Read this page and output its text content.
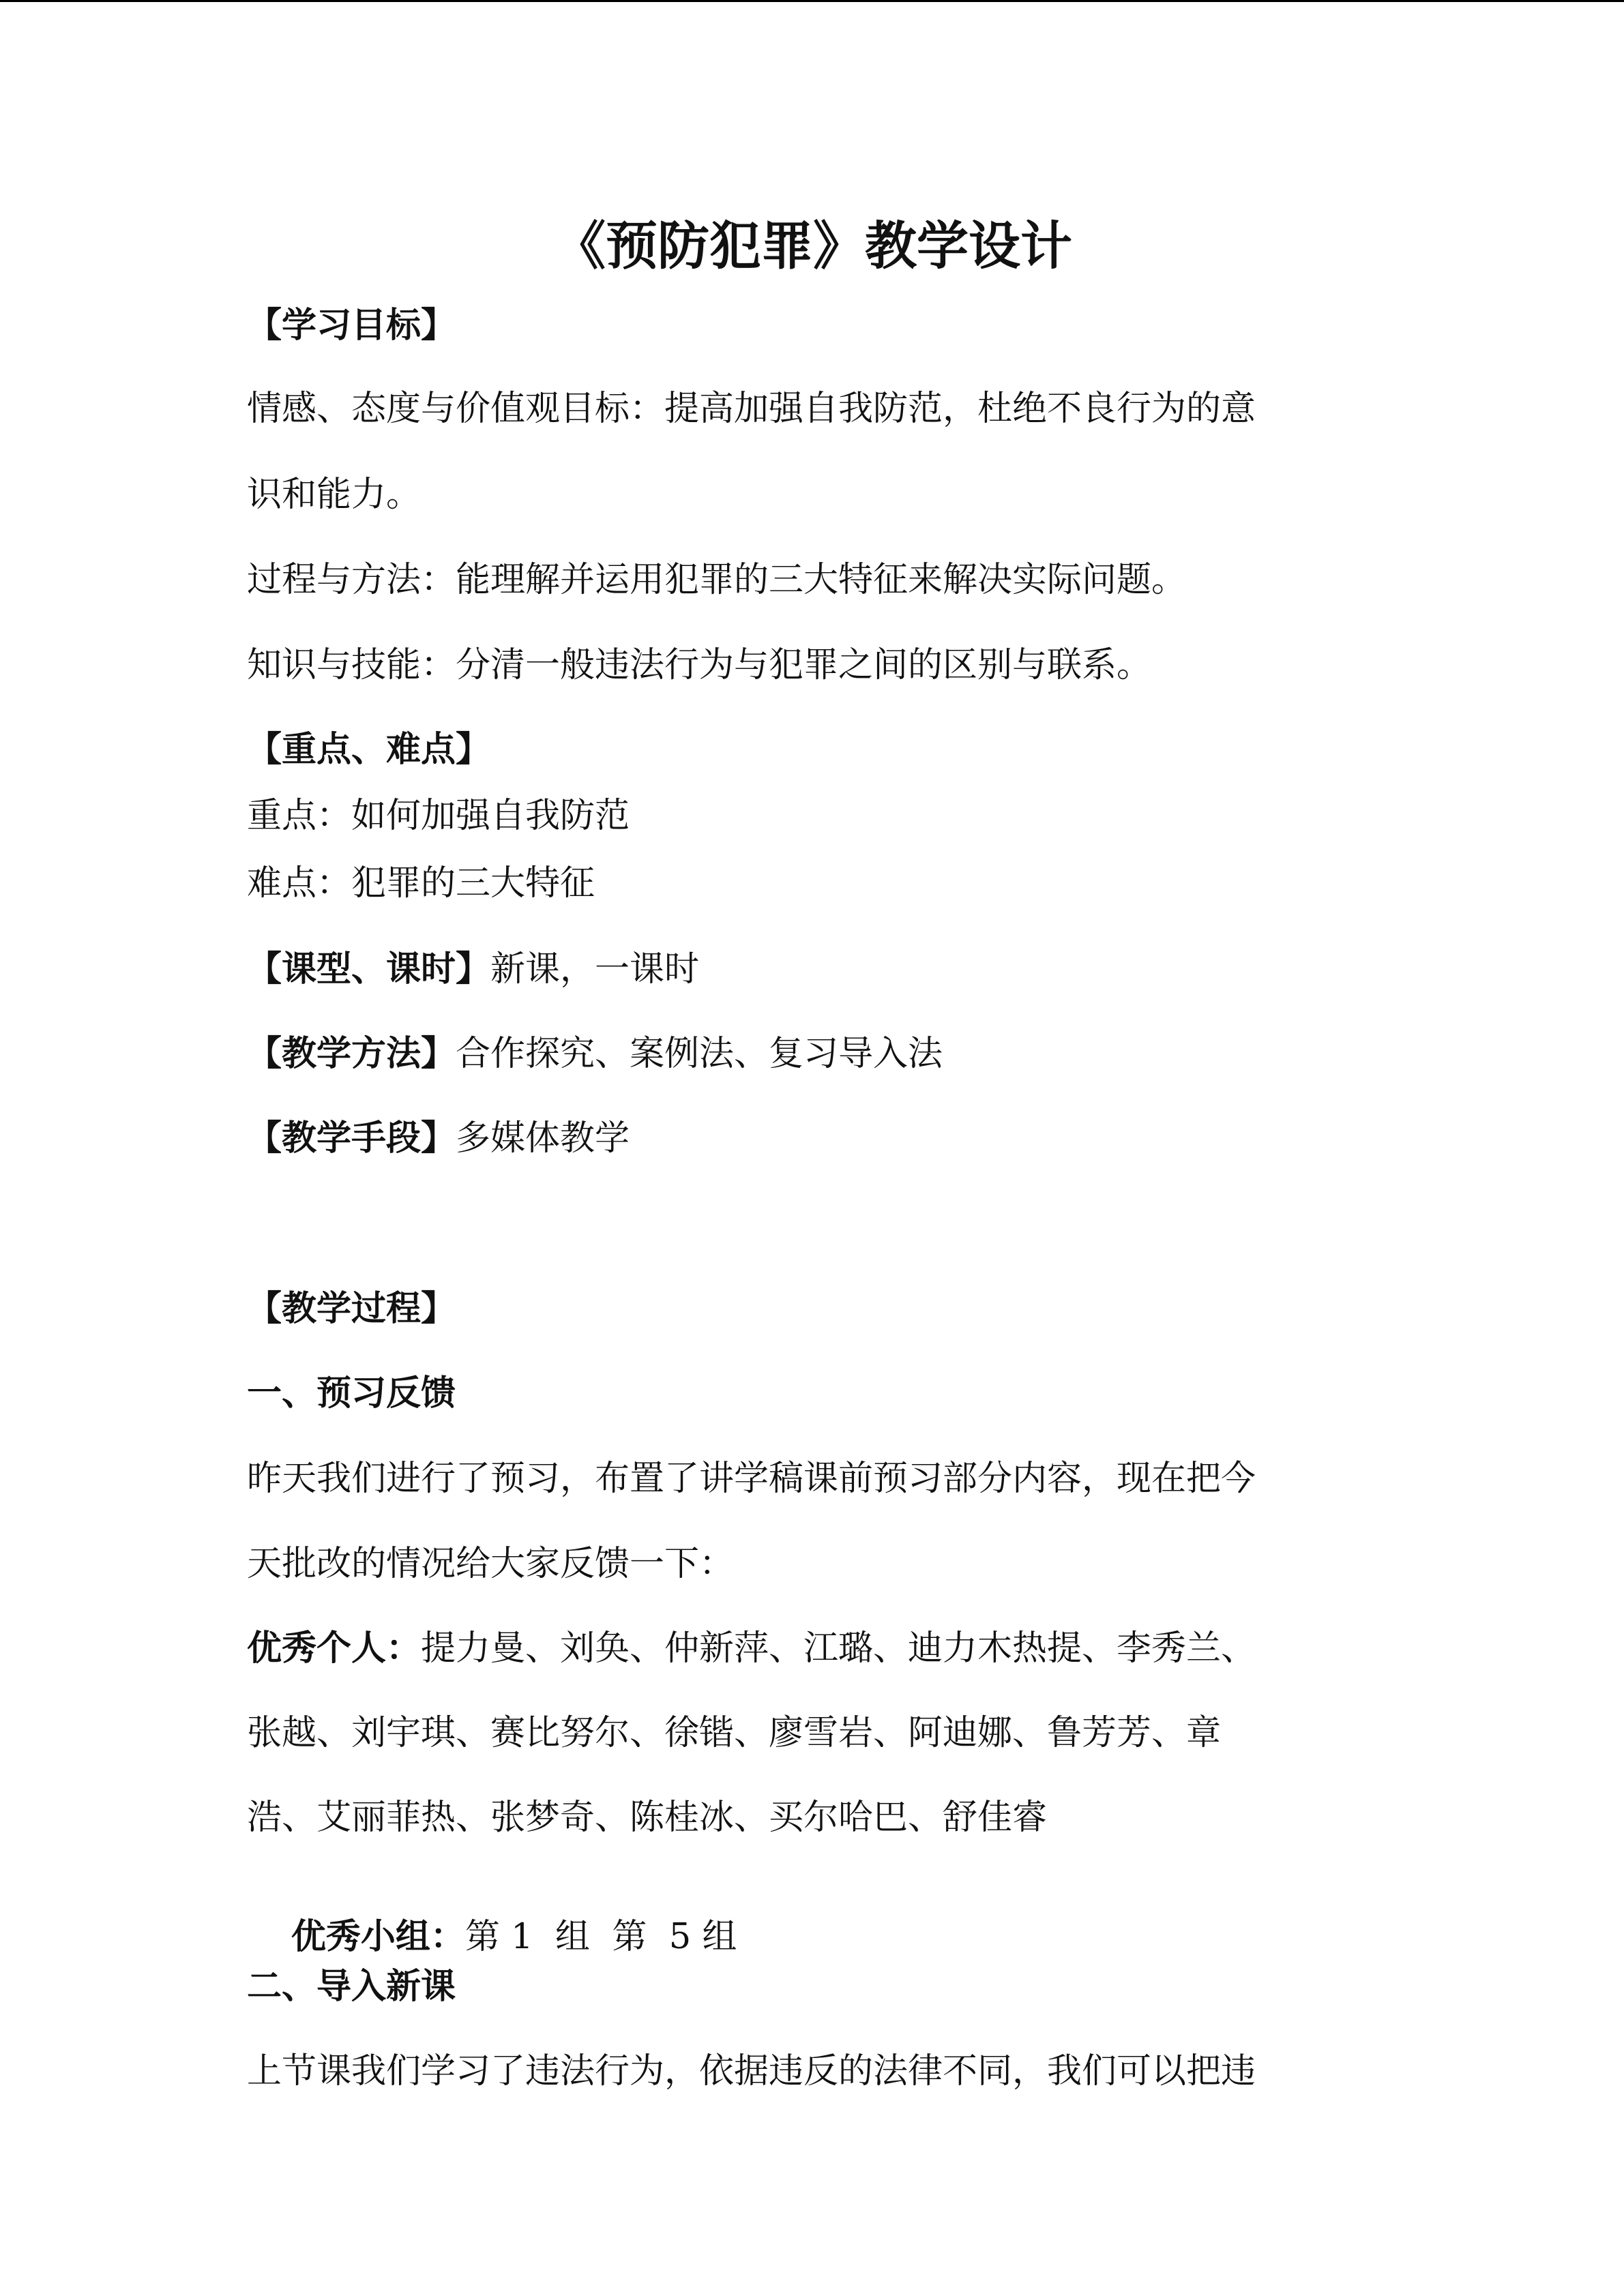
《预防犯罪》教学设计
【学习目标】
情感、态度与价值观目标：提高加强自我防范，杜绝不良行为的意
识和能力。
过程与方法：能理解并运用犯罪的三大特征来解决实际问题。
知识与技能：分清一般违法行为与犯罪之间的区别与联系。
【重点、难点】
重点：如何加强自我防范
难点：犯罪的三大特征
【课型、课时】新课，一课时
【教学方法】合作探究、案例法、复习导入法
【教学手段】多媒体教学
【教学过程】
一、预习反馈
昨天我们进行了预习，布置了讲学稿课前预习部分内容，现在把今
天批改的情况给大家反馈一下：
优秀个人：提力曼、刘奂、仲新萍、江璐、迪力木热提、李秀兰、
张越、刘宇琪、赛比努尔、徐锴、廖雪岩、阿迪娜、鲁芳芳、章
浩、艾丽菲热、张梦奇、陈桂冰、买尔哈巴、舒佳睿

优秀小组：第 1  组  第  5 组

二、导入新课
上节课我们学习了违法行为，依据违反的法律不同，我们可以把违
